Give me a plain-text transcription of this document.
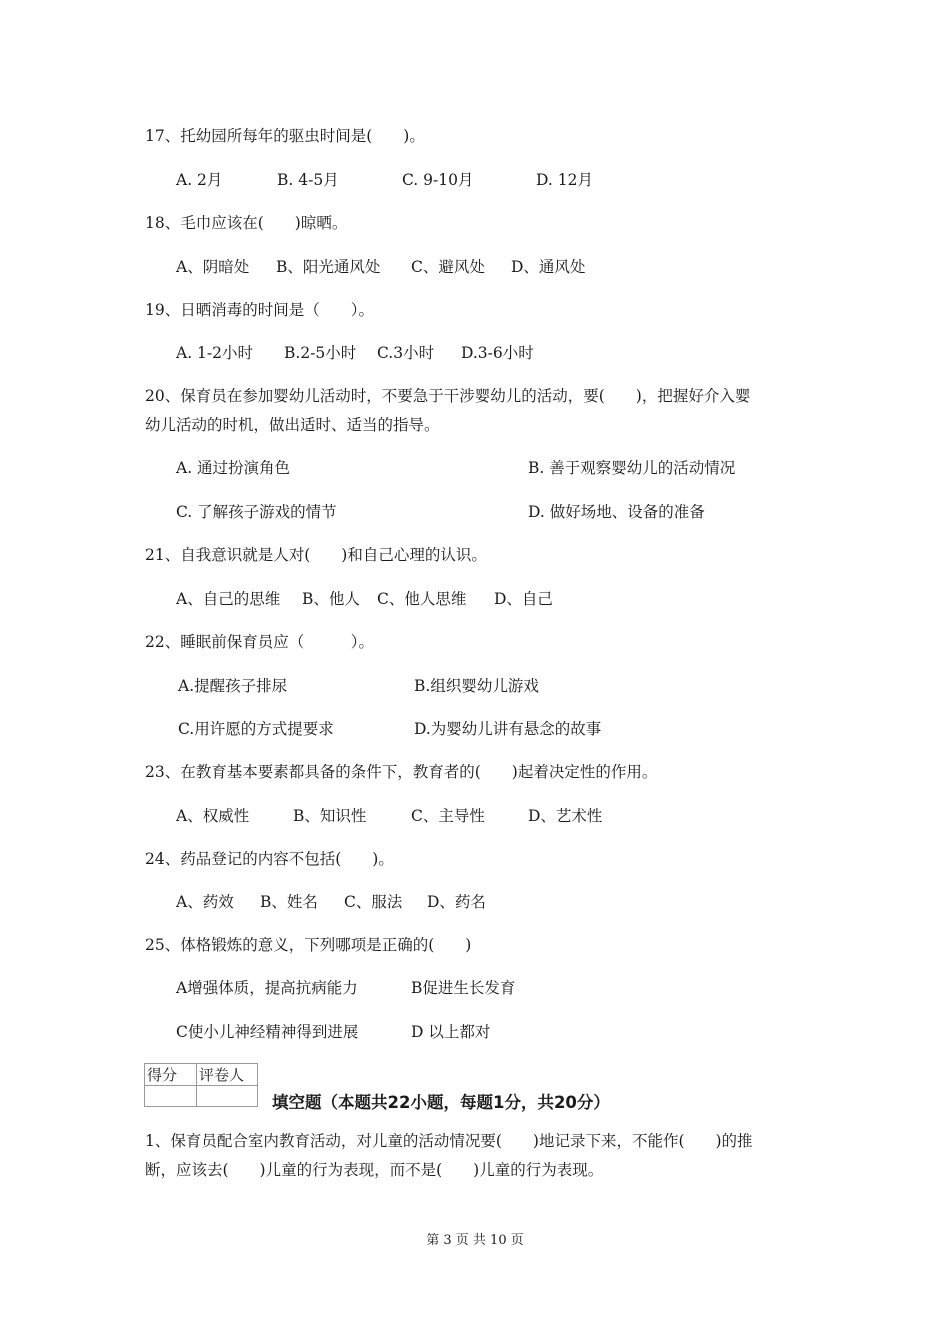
17、托幼园所每年的驱虫时间是(　　)。
A. 2月	B. 4-5月	C. 9-10月	D. 12月
18、毛巾应该在(　　)晾晒。
A、阴暗处 B、阳光通风处 C、避风处 D、通风处
19、日晒消毒的时间是（　　）。
A. 1-2小时 B.2-5小时 C.3小时 D.3-6小时
20、保育员在参加婴幼儿活动时，不要急于干涉婴幼儿的活动，要(　　)，把握好介入婴
幼儿活动的时机，做出适时、适当的指导。
A. 通过扮演角色	B. 善于观察婴幼儿的活动情况
C. 了解孩子游戏的情节	D. 做好场地、设备的准备
21、自我意识就是人对(　　)和自己心理的认识。
A、自己的思维 B、他人 C、他人思维 D、自己
22、睡眠前保育员应（　　　）。
A.提醒孩子排尿	B.组织婴幼儿游戏
C.用许愿的方式提要求	D.为婴幼儿讲有悬念的故事
23、在教育基本要素都具备的条件下，教育者的(　　)起着决定性的作用。
A、权威性	B、知识性	C、主导性	D、艺术性
24、药品登记的内容不包括(　　)。
A、药效 B、姓名 C、服法 D、药名
25、体格锻炼的意义，下列哪项是正确的(　　)
A增强体质，提高抗病能力	B促进生长发育
C使小儿神经精神得到进展	D 以上都对
得分	评卷人

填空题（本题共22小题，每题1分，共20分）
1、保育员配合室内教育活动，对儿童的活动情况要(　　)地记录下来，不能作(　　)的推
断，应该去(　　)儿童的行为表现，而不是(　　)儿童的行为表现。
第 3 页 共 10 页
